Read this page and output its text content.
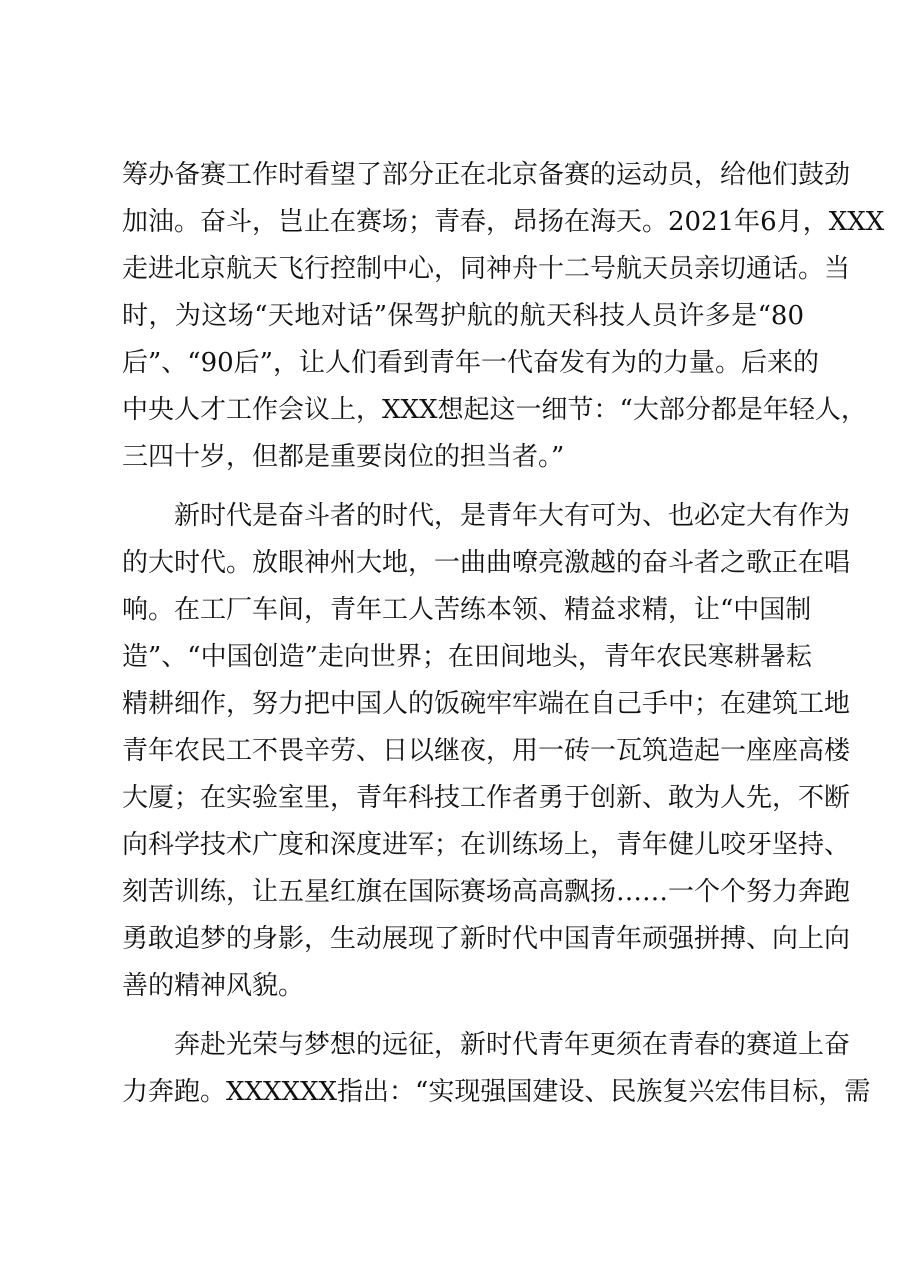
筹办备赛工作时看望了部分正在北京备赛的运动员，给他们鼓劲
加油。奋斗，岂止在赛场；青春，昂扬在海天。2021年6月，XXX
走进北京航天飞行控制中心，同神舟十二号航天员亲切通话。当
时，为这场“天地对话”保驾护航的航天科技人员许多是“80
后”、“90后”，让人们看到青年一代奋发有为的力量。后来的
中央人才工作会议上，XXX想起这一细节：“大部分都是年轻人，
三四十岁，但都是重要岗位的担当者。”
新时代是奋斗者的时代，是青年大有可为、也必定大有作为
的大时代。放眼神州大地，一曲曲嘹亮激越的奋斗者之歌正在唱
响。在工厂车间，青年工人苦练本领、精益求精，让“中国制
造”、“中国创造”走向世界；在田间地头，青年农民寒耕暑耘
精耕细作，努力把中国人的饭碗牢牢端在自己手中；在建筑工地
青年农民工不畏辛劳、日以继夜，用一砖一瓦筑造起一座座高楼
大厦；在实验室里，青年科技工作者勇于创新、敢为人先，不断
向科学技术广度和深度进军；在训练场上，青年健儿咬牙坚持、
刻苦训练，让五星红旗在国际赛场高高飘扬……一个个努力奔跑
勇敢追梦的身影，生动展现了新时代中国青年顽强拼搏、向上向
善的精神风貌。
奔赴光荣与梦想的远征，新时代青年更须在青春的赛道上奋
力奔跑。XXXXXX指出：“实现强国建设、民族复兴宏伟目标，需
